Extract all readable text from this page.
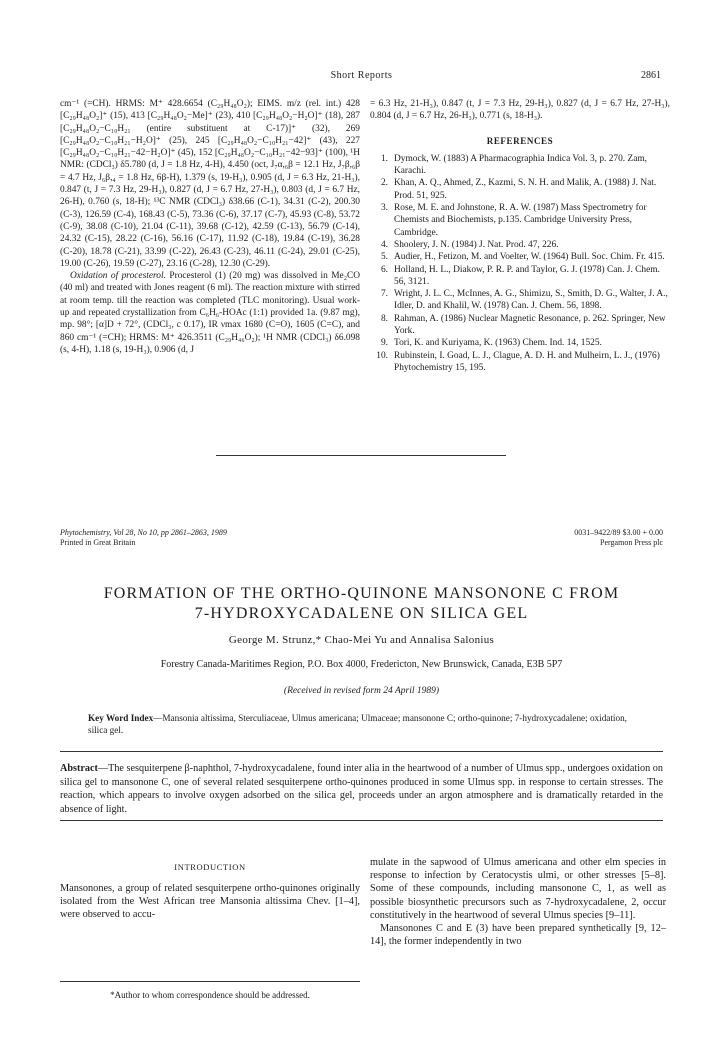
Short Reports	2861

cm⁻¹ (=CH). HRMS: M⁺ 428.6654 (C₂₉H₄₈O₂); EIMS. m/z (rel. int.) 428 [C₂₉H₄₈O₂]⁺ (15), 413 [C₂₉H₄₈O₂−Me]⁺ (23), 410 [C₂₉H₄₈O₂−H₂O]⁺ (18), 287 [C₂₉H₄₈O₂−C₁₀H₂₁ (entire substituent at C-17)]⁺ (32), 269 [C₂₉H₄₈O₂−C₁₀H₂₁−H₂O]⁺ (25), 245 [C₂₉H₄₈O₂−C₁₀H₂₁−42]⁺ (43), 227 [C₂₉H₄₈O₂−C₁₀H₂₁−42−H₂O]⁺ (45), 152 [C₂₉H₄₈O₂−C₁₀H₂₁−42−93]⁺ (100), ¹H NMR: (CDCl₃) δ5.780 (d, J = 1.8 Hz, 4-H), 4.450 (oct, J₇α,₆β = 12.1 Hz, J₇β,₆β = 4.7 Hz, J₆β,₄ = 1.8 Hz, 6β-H), 1.379 (s, 19-H₃), 0.905 (d, J = 6.3 Hz, 21-H₃), 0.847 (t, J = 7.3 Hz, 29-H₃), 0.827 (d, J = 6.7 Hz, 27-H₃), 0.803 (d, J = 6.7 Hz, 26-H), 0.760 (s, 18-H); ¹³C NMR (CDCl₃) δ38.66 (C-1), 34.31 (C-2), 200.30 (C-3), 126.59 (C-4), 168.43 (C-5), 73.36 (C-6), 37.17 (C-7), 45.93 (C-8), 53.72 (C-9), 38.08 (C-10), 21.04 (C-11), 39.68 (C-12), 42.59 (C-13), 56.79 (C-14), 24.32 (C-15), 28.22 (C-16), 56.16 (C-17), 11.92 (C-18), 19.84 (C-19), 36.28 (C-20), 18.78 (C-21), 33.99 (C-22), 26.43 (C-23), 46.11 (C-24), 29.01 (C-25), 19.00 (C-26), 19.59 (C-27), 23.16 (C-28), 12.30 (C-29).

Oxidation of procesterol. Procesterol (1) (20 mg) was dissolved in Me₂CO (40 ml) and treated with Jones reagent (6 ml). The reaction mixture with stirred at room temp. till the reaction was completed (TLC monitoring). Usual work-up and repeated crystallization from C₆H₆-HOAc (1:1) provided 1a. (9.87 mg), mp. 98°; [α]D + 72°, (CDCl₃, c 0.17), IR νmax 1680 (C=O), 1605 (C=C), and 860 cm⁻¹ (=CH); HRMS: M⁺ 426.3511 (C₂₉H₄₆O₂); ¹H NMR (CDCl₃) δ6.098 (s, 4-H), 1.18 (s, 19-H₃), 0.906 (d, J

= 6.3 Hz, 21-H₃), 0.847 (t, J = 7.3 Hz, 29-H₃), 0.827 (d, J = 6.7 Hz, 27-H₃), 0.804 (d, J = 6.7 Hz, 26-H₃), 0.771 (s, 18-H₃).

REFERENCES
1. Dymock, W. (1883) A Pharmacographia Indica Vol. 3, p. 270. Zam, Karachi.
2. Khan, A. Q., Ahmed, Z., Kazmi, S. N. H. and Malik, A. (1988) J. Nat. Prod. 51, 925.
3. Rose, M. E. and Johnstone, R. A. W. (1987) Mass Spectrometry for Chemists and Biochemists, p.135. Cambridge University Press, Cambridge.
4. Shoolery, J. N. (1984) J. Nat. Prod. 47, 226.
5. Audier, H., Fetizon, M. and Voelter, W. (1964) Bull. Soc. Chim. Fr. 415.
6. Holland, H. L., Diakow, P. R. P. and Taylor, G. J. (1978) Can. J. Chem. 56, 3121.
7. Wright, J. L. C., McInnes, A. G., Shimizu, S., Smith, D. G., Walter, J. A., Idler, D. and Khalil, W. (1978) Can. J. Chem. 56, 1898.
8. Rahman, A. (1986) Nuclear Magnetic Resonance, p. 262. Springer, New York.
9. Tori, K. and Kuriyama, K. (1963) Chem. Ind. 14, 1525.
10. Rubinstein, I. Goad, L. J., Clague, A. D. H. and Mulheirn, L. J., (1976) Phytochemistry 15, 195.
Phytochemistry, Vol 28, No 10, pp 2861–2863, 1989
Printed in Great Britain
0031–9422/89 $3.00 + 0.00
Pergamon Press plc
FORMATION OF THE ORTHO-QUINONE MANSONONE C FROM
7-HYDROXYCADALENE ON SILICA GEL
George M. Strunz,* Chao-Mei Yu and Annalisa Salonius
Forestry Canada-Maritimes Region, P.O. Box 4000, Fredericton, New Brunswick, Canada, E3B 5P7
(Received in revised form 24 April 1989)
Key Word Index—Mansonia altissima, Sterculiaceae, Ulmus americana; Ulmaceae; mansonone C; ortho-quinone; 7-hydroxycadalene; oxidation, silica gel.
Abstract—The sesquiterpene β-naphthol, 7-hydroxycadalene, found inter alia in the heartwood of a number of Ulmus spp., undergoes oxidation on silica gel to mansonone C, one of several related sesquiterpene ortho-quinones produced in some Ulmus spp. in response to certain stresses. The reaction, which appears to involve oxygen adsorbed on the silica gel, proceeds under an argon atmosphere and is dramatically retarded in the absence of light.
INTRODUCTION
Mansonones, a group of related sesquiterpene ortho-quinones originally isolated from the West African tree Mansonia altissima Chev. [1–4], were observed to accu-
*Author to whom correspondence should be addressed.

mulate in the sapwood of Ulmus americana and other elm species in response to infection by Ceratocystis ulmi, or other stresses [5–8]. Some of these compounds, including mansonone C, 1, as well as possible biosynthetic precursors such as 7-hydroxycadalene, 2, occur constitutively in the heartwood of several Ulmus species [9–11].

Mansonones C and E (3) have been prepared synthetically [9, 12–14], the former independently in two
